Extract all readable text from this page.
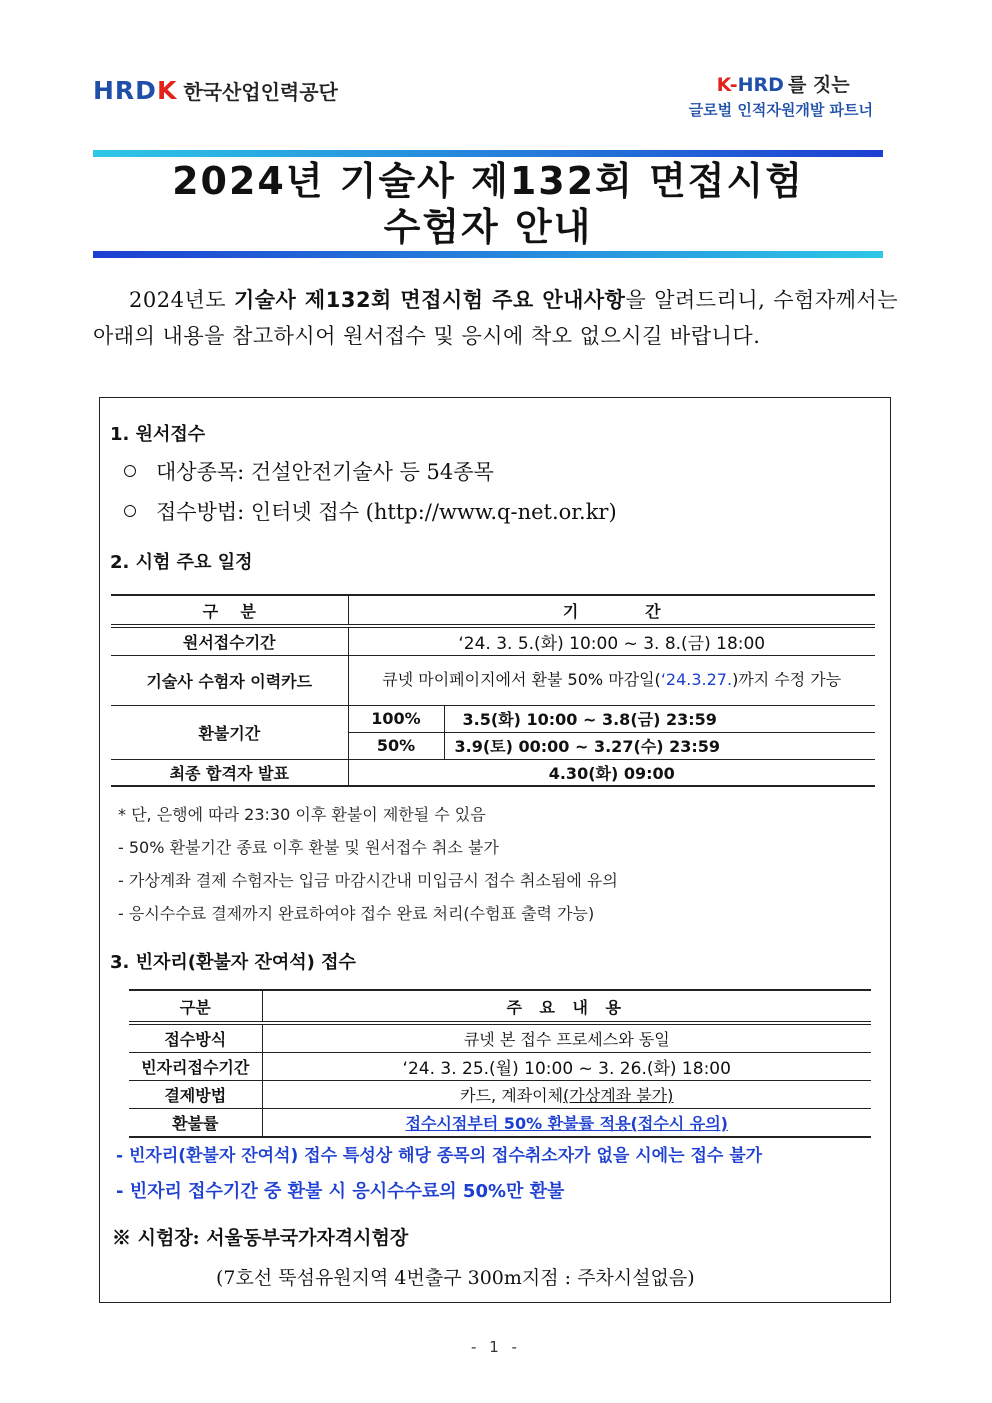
HRDK 한국산업인력공단	K-HRD 를 짓는
글로벌 인적자원개발 파트너
2024년 기술사 제132회 면접시험
수험자 안내
2024년도 기술사 제132회 면접시험 주요 안내사항을 알려드리니, 수험자께서는 아래의 내용을 참고하시어 원서접수 및 응시에 착오 없으시길 바랍니다.
1. 원서접수
대상종목: 건설안전기술사 등 54종목
접수방법: 인터넷 접수 (http://www.q-net.or.kr)
2. 시험 주요 일정
구    분	기            간	
원서접수기간	‘24. 3. 5.(화) 10:00 ~ 3. 8.(금) 18:00	
기술사 수험자 이력카드	큐넷 마이페이지에서 환불 50% 마감일(‘24.3.27.)까지 수정 가능	
환불기간	100%	3.5(화) 10:00 ~ 3.8(금) 23:59
	50%	3.9(토) 00:00 ~ 3.27(수) 23:59
최종 합격자 발표	4.30(화) 09:00	
* 단, 은행에 따라 23:30 이후 환불이 제한될 수 있음
- 50% 환불기간 종료 이후 환불 및 원서접수 취소 불가
- 가상계좌 결제 수험자는 입금 마감시간내 미입금시 접수 취소됨에 유의
- 응시수수료 결제까지 완료하여야 접수 완료 처리(수험표 출력 가능)
3. 빈자리(환불자 잔여석) 접수
구분	주 요 내 용
접수방식	큐넷 본 접수 프로세스와 동일
빈자리접수기간	‘24. 3. 25.(월) 10:00 ~ 3. 26.(화) 18:00
결제방법	카드, 계좌이체(가상계좌 불가)
환불률	접수시점부터 50% 환불률 적용(접수시 유의)
- 빈자리(환불자 잔여석) 접수 특성상 해당 종목의 접수취소자가 없을 시에는 접수 불가
- 빈자리 접수기간 중 환불 시 응시수수료의 50%만 환불
※ 시험장: 서울동부국가자격시험장
(7호선 뚝섬유원지역 4번출구 300m지점 : 주차시설없음)
- 1 -
